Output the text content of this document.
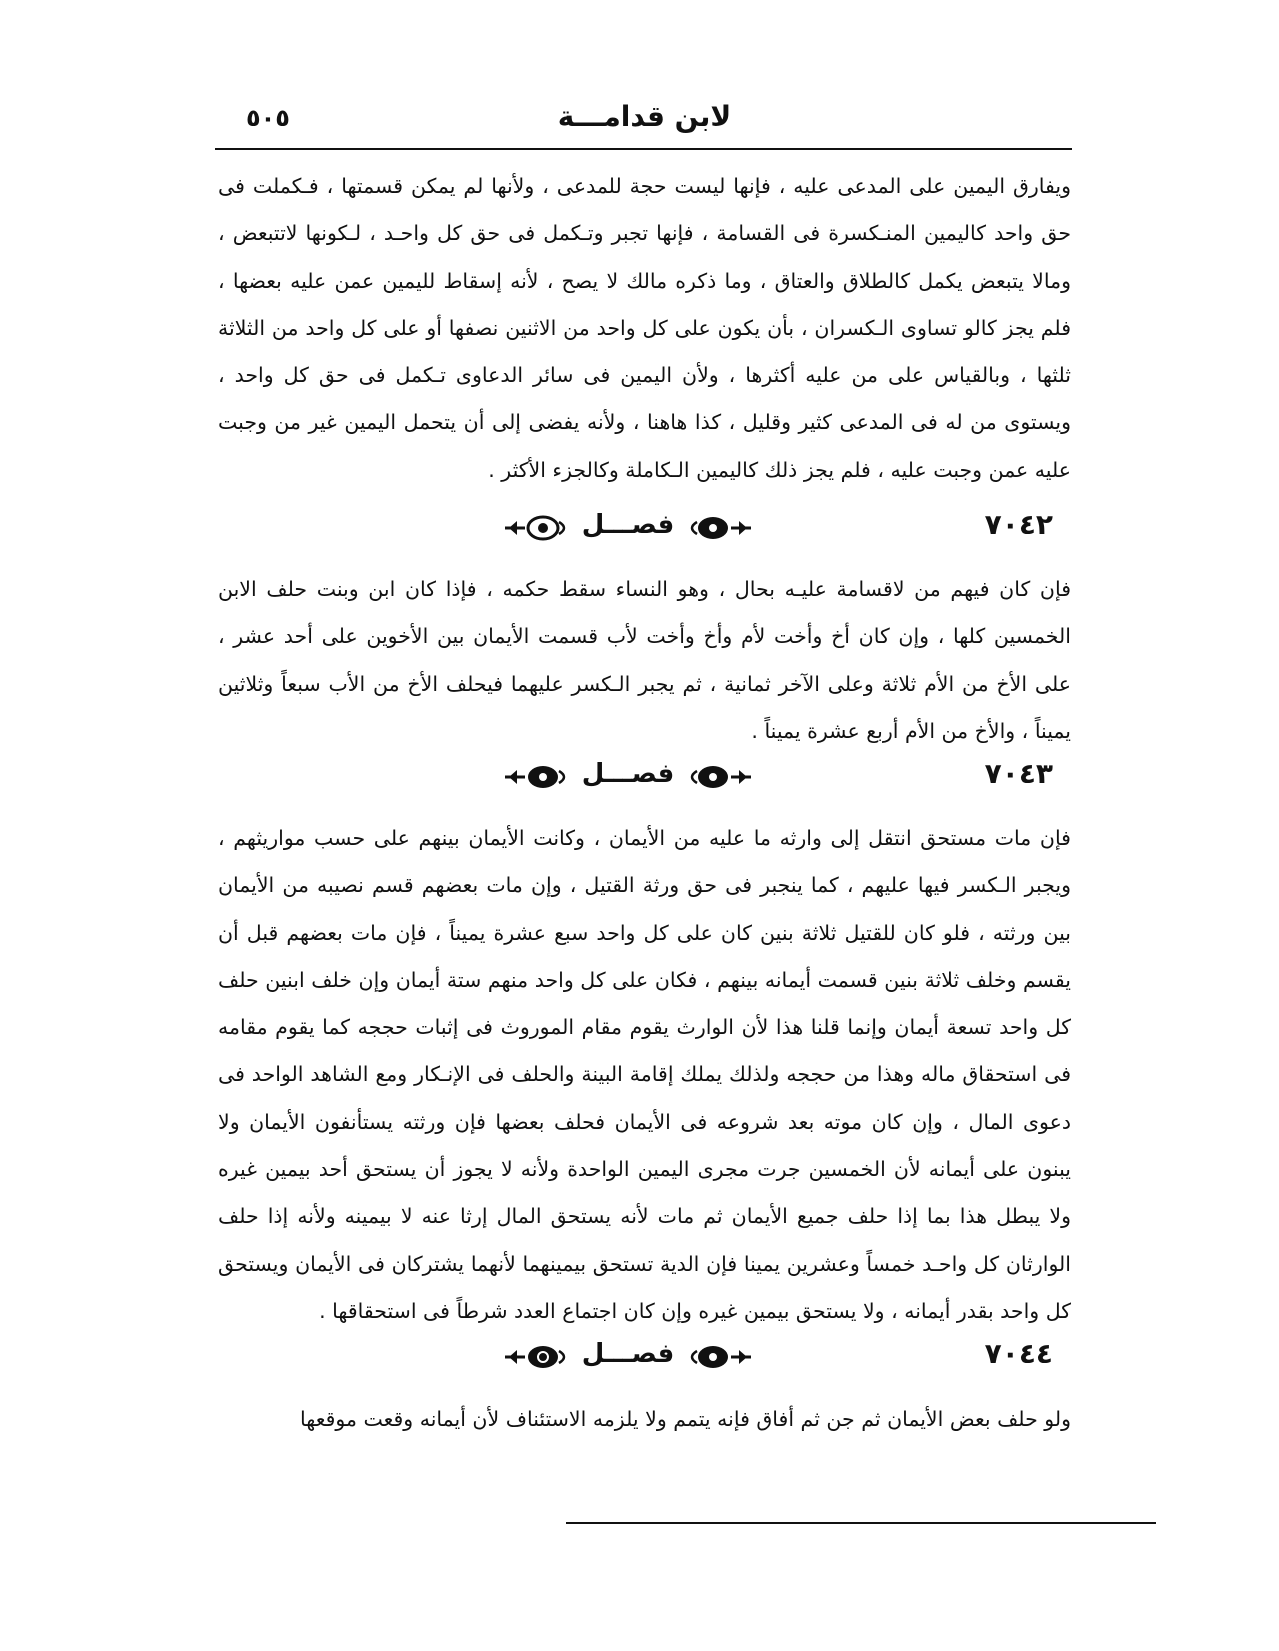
٥٠٥	لابن قدامـــة

ويفارق اليمين على المدعى عليه ، فإنها ليست حجة للمدعى ، ولأنها لم يمكن قسمتها ، فـكملت فى حق واحد كاليمين المنـكسرة فى القسامة ، فإنها تجبر وتـكمل فى حق كل واحـد ، لـكونها لاتتبعض ، ومالا يتبعض يكمل كالطلاق والعتاق ، وما ذكره مالك لا يصح ، لأنه إسقاط لليمين عمن عليه بعضها ، فلم يجز كالو تساوى الـكسران ، بأن يكون على كل واحد من الاثنين نصفها أو على كل واحد من الثلاثة ثلثها ، وبالقياس على من عليه أكثرها ، ولأن اليمين فى سائر الدعاوى تـكمل فى حق كل واحد ، ويستوى من له فى المدعى كثير وقليل ، كذا هاهنا ، ولأنه يفضى إلى أن يتحمل اليمين غير من وجبت عليه عمن وجبت عليه ، فلم يجز ذلك كاليمين الـكاملة وكالجزء الأكثر .

٧٠٤٢
فصـــل

فإن كان فيهم من لاقسامة عليـه بحال ، وهو النساء سقط حكمه ، فإذا كان ابن وبنت حلف الابن الخمسين كلها ، وإن كان أخ وأخت لأم وأخ وأخت لأب قسمت الأيمان بين الأخوين على أحد عشر ، على الأخ من الأم ثلاثة وعلى الآخر ثمانية ، ثم يجبر الـكسر عليهما فيحلف الأخ من الأب سبعاً وثلاثين يميناً ، والأخ من الأم أربع عشرة يميناً .

٧٠٤٣
فصـــل

فإن مات مستحق انتقل إلى وارثه ما عليه من الأيمان ، وكانت الأيمان بينهم على حسب مواريثهم ، ويجبر الـكسر فيها عليهم ، كما ينجبر فى حق ورثة القتيل ، وإن مات بعضهم قسم نصيبه من الأيمان بين ورثته ، فلو كان للقتيل ثلاثة بنين كان على كل واحد سبع عشرة يميناً ، فإن مات بعضهم قبل أن يقسم وخلف ثلاثة بنين قسمت أيمانه بينهم ، فكان على كل واحد منهم ستة أيمان وإن خلف ابنين حلف كل واحد تسعة أيمان وإنما قلنا هذا لأن الوارث يقوم مقام الموروث فى إثبات حججه كما يقوم مقامه فى استحقاق ماله وهذا من حججه ولذلك يملك إقامة البينة والحلف فى الإنـكار ومع الشاهد الواحد فى دعوى المال ، وإن كان موته بعد شروعه فى الأيمان فحلف بعضها فإن ورثته يستأنفون الأيمان ولا يبنون على أيمانه لأن الخمسين جرت مجرى اليمين الواحدة ولأنه لا يجوز أن يستحق أحد بيمين غيره ولا يبطل هذا بما إذا حلف جميع الأيمان ثم مات لأنه يستحق المال إرثا عنه لا بيمينه ولأنه إذا حلف الوارثان كل واحـد خمساً وعشرين يمينا فإن الدية تستحق بيمينهما لأنهما يشتركان فى الأيمان ويستحق كل واحد بقدر أيمانه ، ولا يستحق بيمين غيره وإن كان اجتماع العدد شرطاً فى استحقاقها .

٧٠٤٤
فصـــل

ولو حلف بعض الأيمان ثم جن ثم أفاق فإنه يتمم ولا يلزمه الاستئناف لأن أيمانه وقعت موقعها
